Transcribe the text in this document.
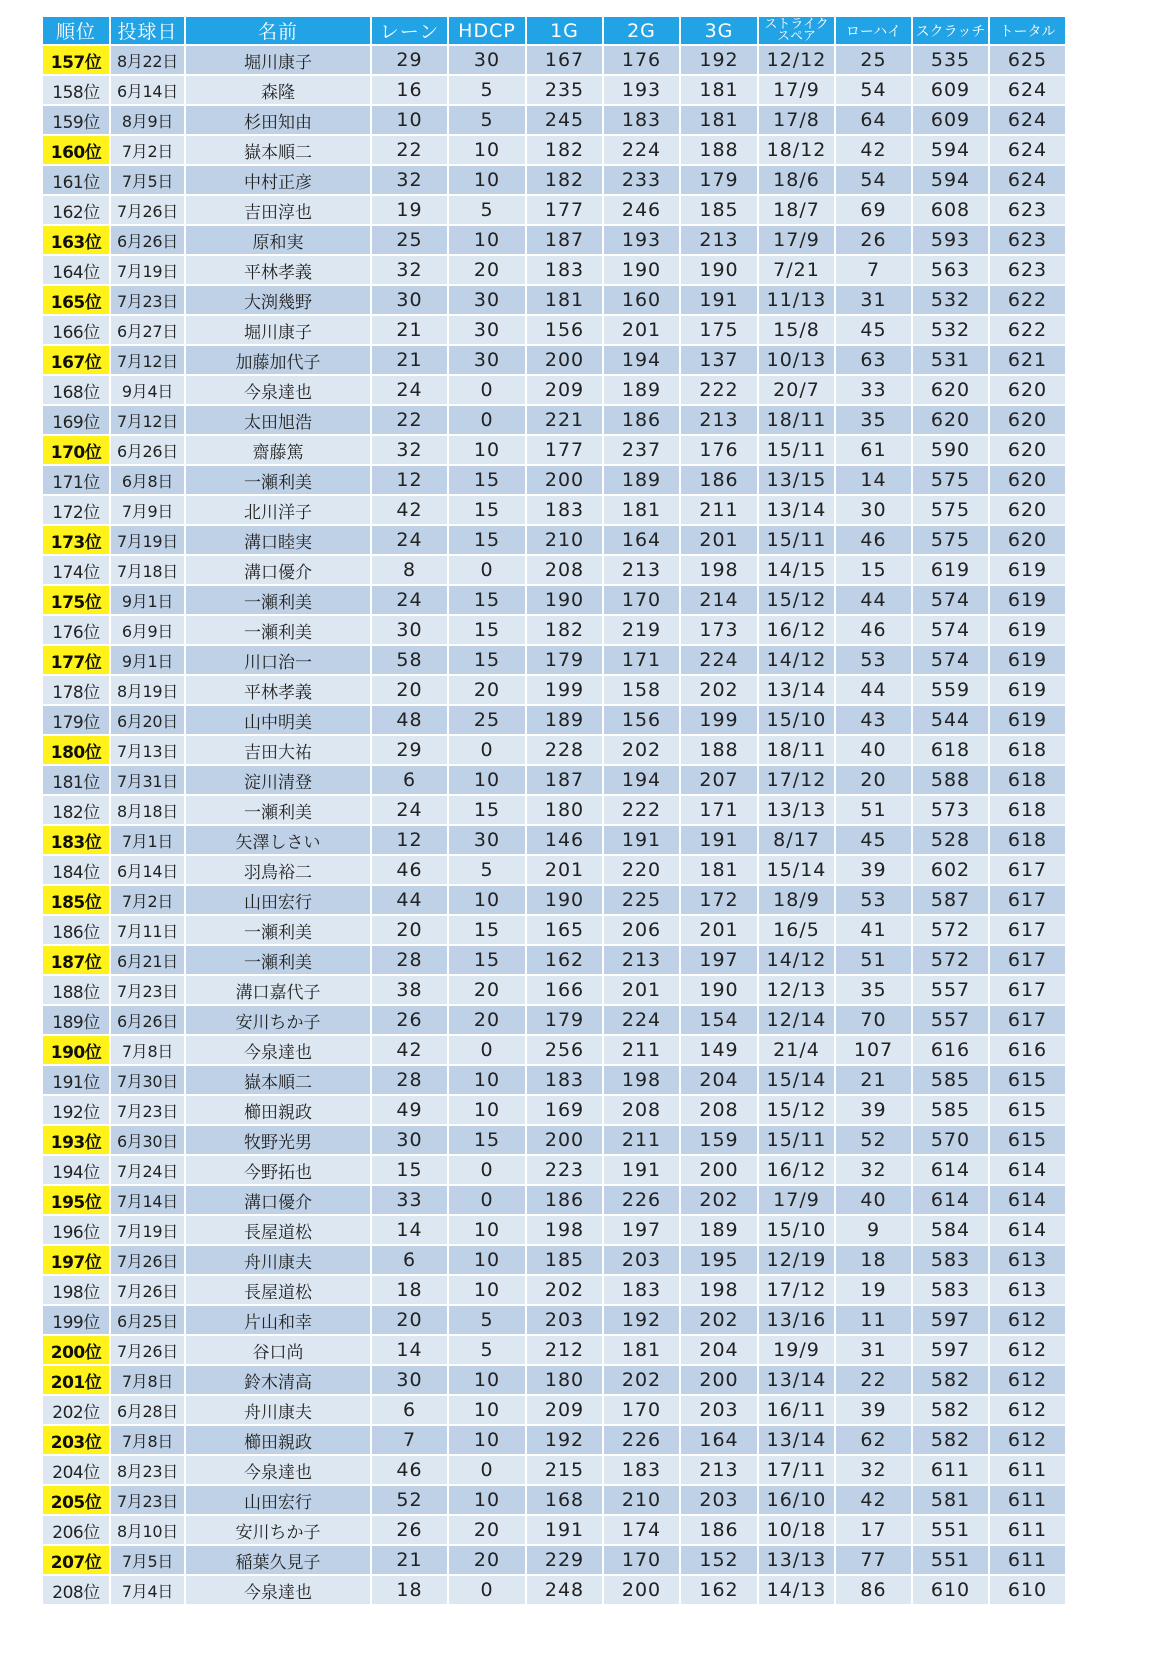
順位	投球日	名前	レーン	HDCP	1G	2G	3G	ストライク
スペア	ローハイ	スクラッチ	トータル
157位	8月22日	堀川康子	29	30	167	176	192	12/12	25	535	625
158位	6月14日	森隆	16	5	235	193	181	17/9	54	609	624
159位	8月9日	杉田知由	10	5	245	183	181	17/8	64	609	624
160位	7月2日	嶽本順二	22	10	182	224	188	18/12	42	594	624
161位	7月5日	中村正彦	32	10	182	233	179	18/6	54	594	624
162位	7月26日	吉田淳也	19	5	177	246	185	18/7	69	608	623
163位	6月26日	原和実	25	10	187	193	213	17/9	26	593	623
164位	7月19日	平林孝義	32	20	183	190	190	7/21	7	563	623
165位	7月23日	大渕幾野	30	30	181	160	191	11/13	31	532	622
166位	6月27日	堀川康子	21	30	156	201	175	15/8	45	532	622
167位	7月12日	加藤加代子	21	30	200	194	137	10/13	63	531	621
168位	9月4日	今泉達也	24	0	209	189	222	20/7	33	620	620
169位	7月12日	太田旭浩	22	0	221	186	213	18/11	35	620	620
170位	6月26日	齋藤篤	32	10	177	237	176	15/11	61	590	620
171位	6月8日	一瀬利美	12	15	200	189	186	13/15	14	575	620
172位	7月9日	北川洋子	42	15	183	181	211	13/14	30	575	620
173位	7月19日	溝口睦実	24	15	210	164	201	15/11	46	575	620
174位	7月18日	溝口優介	8	0	208	213	198	14/15	15	619	619
175位	9月1日	一瀬利美	24	15	190	170	214	15/12	44	574	619
176位	6月9日	一瀬利美	30	15	182	219	173	16/12	46	574	619
177位	9月1日	川口治一	58	15	179	171	224	14/12	53	574	619
178位	8月19日	平林孝義	20	20	199	158	202	13/14	44	559	619
179位	6月20日	山中明美	48	25	189	156	199	15/10	43	544	619
180位	7月13日	吉田大祐	29	0	228	202	188	18/11	40	618	618
181位	7月31日	淀川清登	6	10	187	194	207	17/12	20	588	618
182位	8月18日	一瀬利美	24	15	180	222	171	13/13	51	573	618
183位	7月1日	矢澤しさい	12	30	146	191	191	8/17	45	528	618
184位	6月14日	羽鳥裕二	46	5	201	220	181	15/14	39	602	617
185位	7月2日	山田宏行	44	10	190	225	172	18/9	53	587	617
186位	7月11日	一瀬利美	20	15	165	206	201	16/5	41	572	617
187位	6月21日	一瀬利美	28	15	162	213	197	14/12	51	572	617
188位	7月23日	溝口嘉代子	38	20	166	201	190	12/13	35	557	617
189位	6月26日	安川ちか子	26	20	179	224	154	12/14	70	557	617
190位	7月8日	今泉達也	42	0	256	211	149	21/4	107	616	616
191位	7月30日	嶽本順二	28	10	183	198	204	15/14	21	585	615
192位	7月23日	櫛田親政	49	10	169	208	208	15/12	39	585	615
193位	6月30日	牧野光男	30	15	200	211	159	15/11	52	570	615
194位	7月24日	今野拓也	15	0	223	191	200	16/12	32	614	614
195位	7月14日	溝口優介	33	0	186	226	202	17/9	40	614	614
196位	7月19日	長屋道松	14	10	198	197	189	15/10	9	584	614
197位	7月26日	舟川康夫	6	10	185	203	195	12/19	18	583	613
198位	7月26日	長屋道松	18	10	202	183	198	17/12	19	583	613
199位	6月25日	片山和幸	20	5	203	192	202	13/16	11	597	612
200位	7月26日	谷口尚	14	5	212	181	204	19/9	31	597	612
201位	7月8日	鈴木清高	30	10	180	202	200	13/14	22	582	612
202位	6月28日	舟川康夫	6	10	209	170	203	16/11	39	582	612
203位	7月8日	櫛田親政	7	10	192	226	164	13/14	62	582	612
204位	8月23日	今泉達也	46	0	215	183	213	17/11	32	611	611
205位	7月23日	山田宏行	52	10	168	210	203	16/10	42	581	611
206位	8月10日	安川ちか子	26	20	191	174	186	10/18	17	551	611
207位	7月5日	稲葉久見子	21	20	229	170	152	13/13	77	551	611
208位	7月4日	今泉達也	18	0	248	200	162	14/13	86	610	610
